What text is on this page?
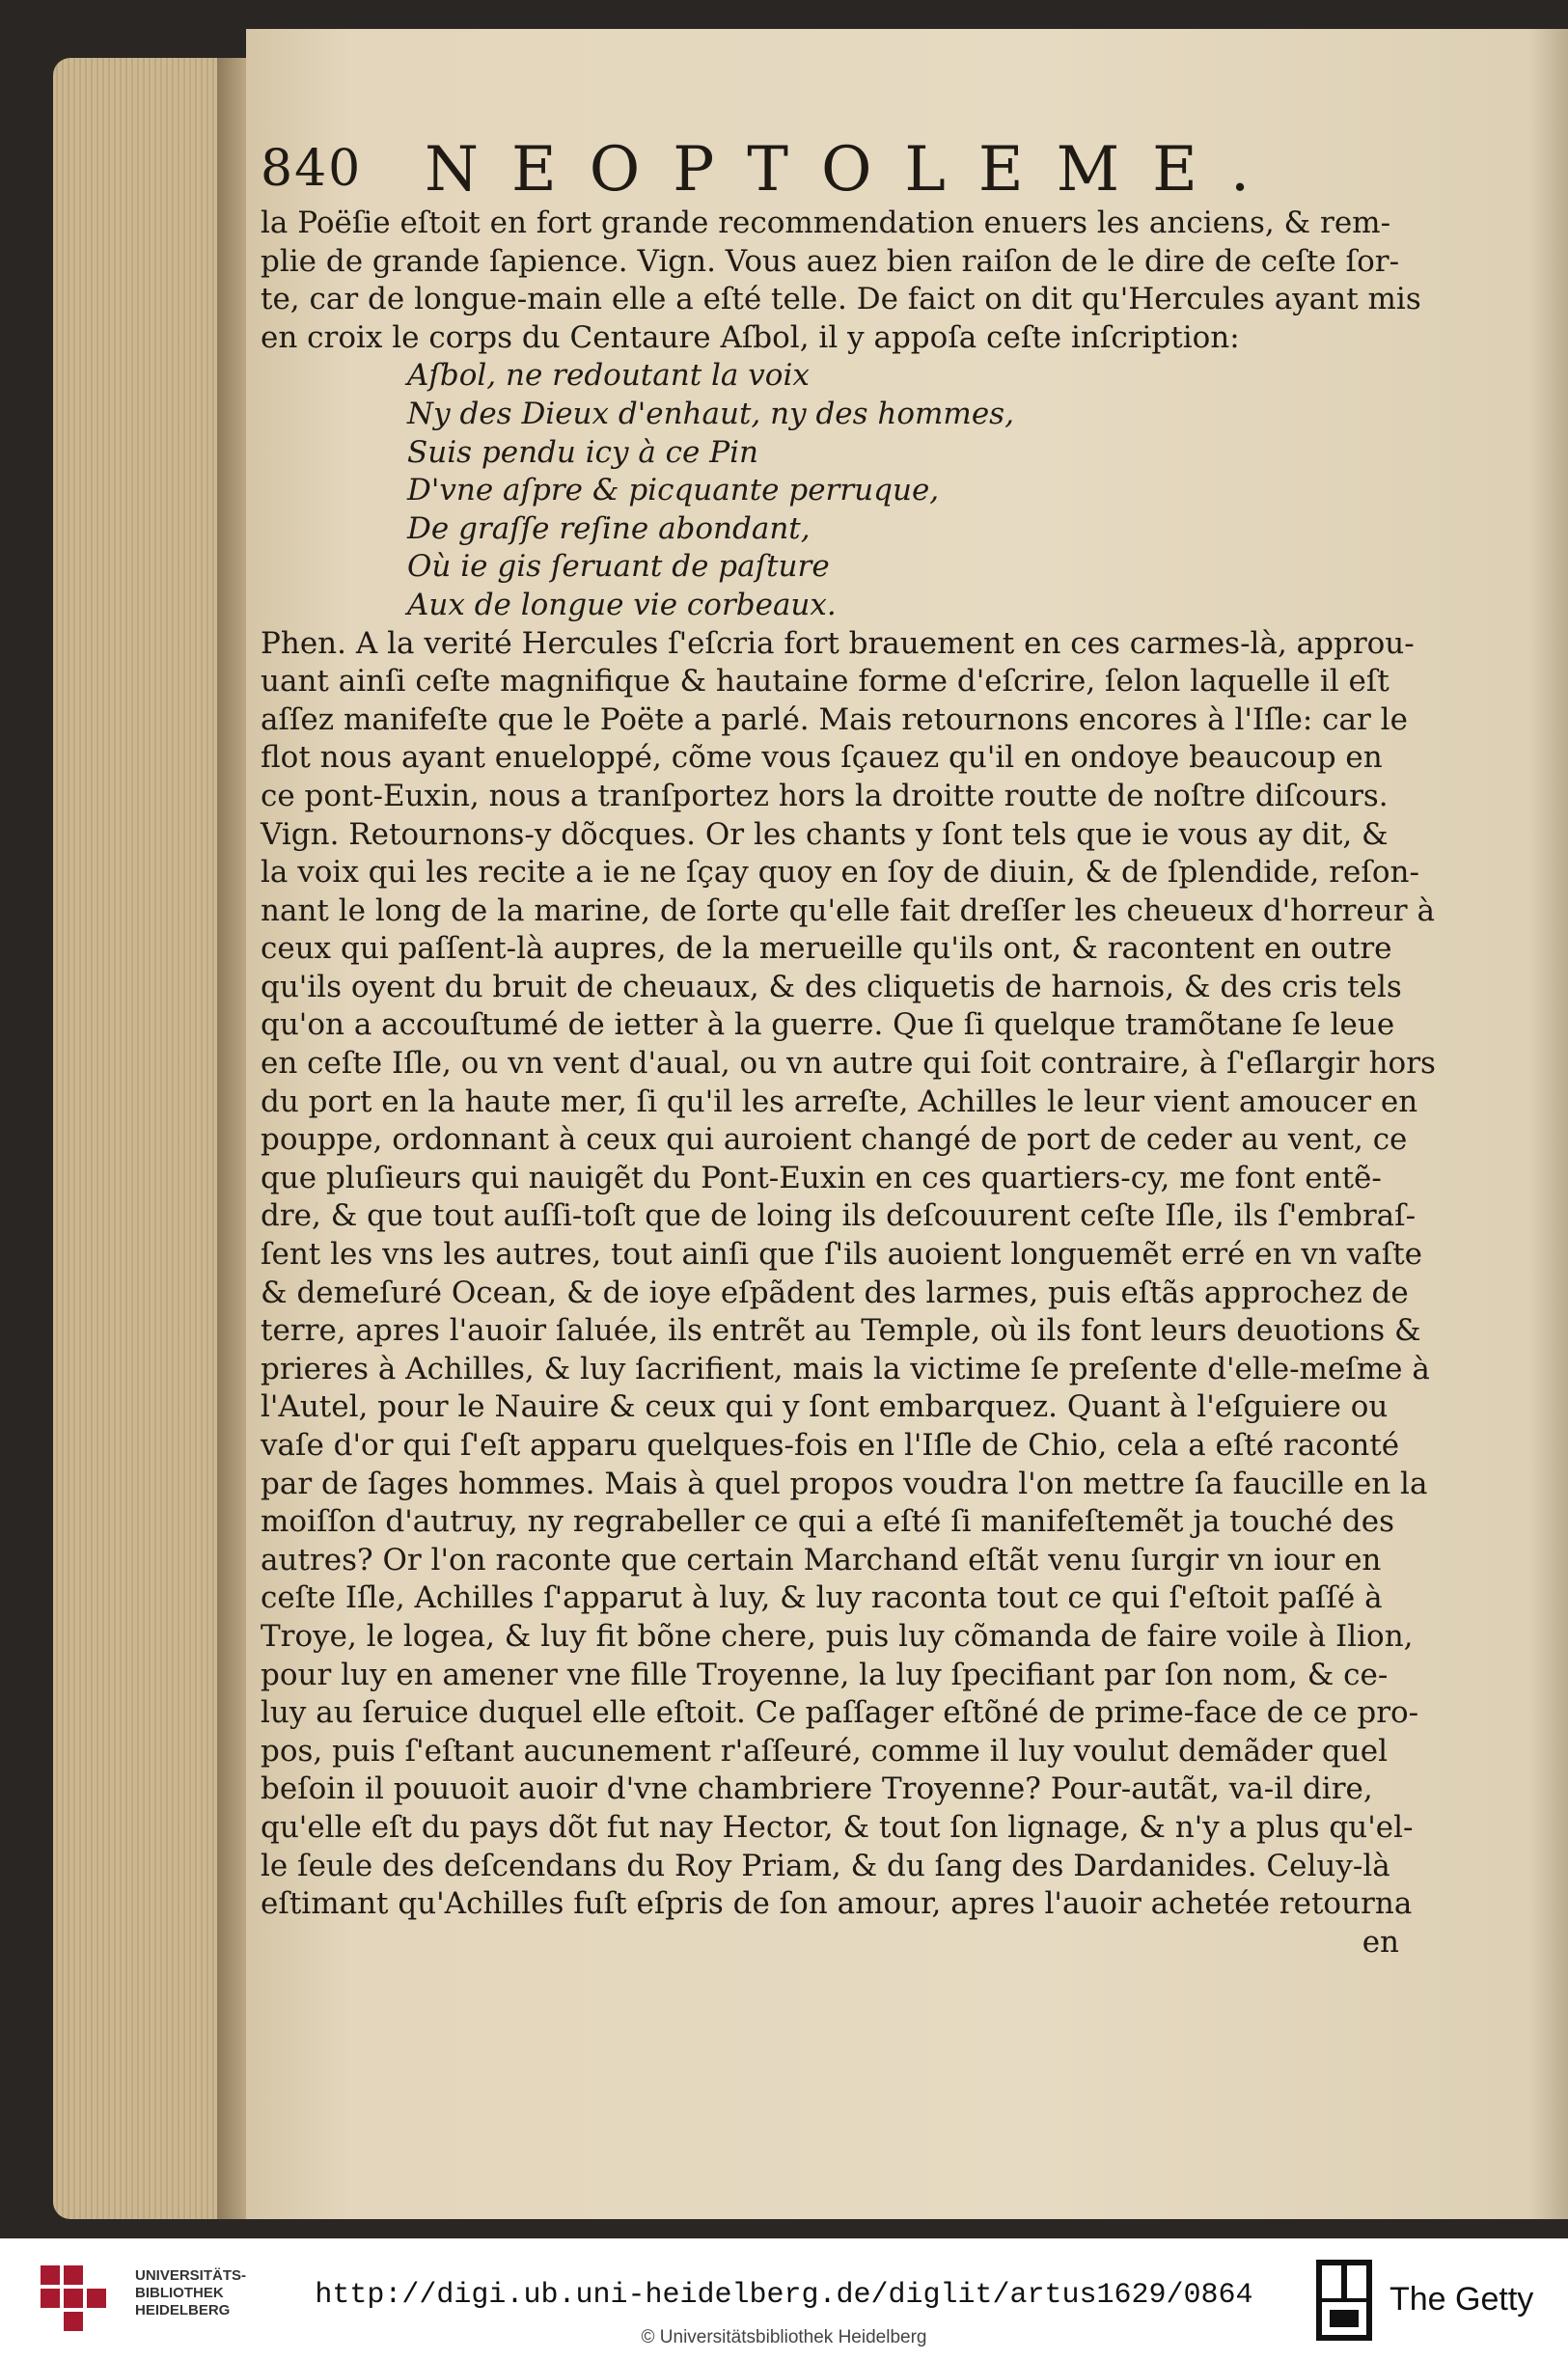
840 NEOPTOLEME.
la Poëſie eſtoit en fort grande recommendation enuers les anciens, & rem-
plie de grande ſapience. Vign. Vous auez bien raiſon de le dire de ceſte ſor-
te, car de longue-main elle a eſté telle. De faict on dit qu'Hercules ayant mis
en croix le corps du Centaure Aſbol, il y appoſa ceſte inſcription:
Aſbol, ne redoutant la voix
Ny des Dieux d'enhaut, ny des hommes,
Suis pendu icy à ce Pin
D'vne aſpre & picquante perruque,
De graſſe reſine abondant,
Où ie gis ſeruant de paſture
Aux de longue vie corbeaux.
Phen. A la verité Hercules ſ'eſcria fort brauement en ces carmes-là, approu-
uant ainſi ceſte magnifique & hautaine forme d'eſcrire, ſelon laquelle il eſt
aſſez manifeſte que le Poëte a parlé. Mais retournons encores à l'Iſle: car le
flot nous ayant enueloppé, cõme vous ſçauez qu'il en ondoye beaucoup en
ce pont-Euxin, nous a tranſportez hors la droitte routte de noſtre diſcours.
Vign. Retournons-y dõcques. Or les chants y ſont tels que ie vous ay dit, &
la voix qui les recite a ie ne ſçay quoy en ſoy de diuin, & de ſplendide, reſon-
nant le long de la marine, de ſorte qu'elle fait dreſſer les cheueux d'horreur à
ceux qui paſſent-là aupres, de la merueille qu'ils ont, & racontent en outre
qu'ils oyent du bruit de cheuaux, & des cliquetis de harnois, & des cris tels
qu'on a accouſtumé de ietter à la guerre. Que ſi quelque tramõtane ſe leue
en ceſte Iſle, ou vn vent d'aual, ou vn autre qui ſoit contraire, à ſ'eſlargir hors
du port en la haute mer, ſi qu'il les arreſte, Achilles le leur vient amoucer en
pouppe, ordonnant à ceux qui auroient changé de port de ceder au vent, ce
que pluſieurs qui nauigẽt du Pont-Euxin en ces quartiers-cy, me font entẽ-
dre, & que tout auſſi-toſt que de loing ils deſcouurent ceſte Iſle, ils ſ'embraſ-
ſent les vns les autres, tout ainſi que ſ'ils auoient longuemẽt erré en vn vaſte
& demeſuré Ocean, & de ioye eſpãdent des larmes, puis eſtãs approchez de
terre, apres l'auoir ſaluée, ils entrẽt au Temple, où ils font leurs deuotions &
prieres à Achilles, & luy ſacrifient, mais la victime ſe preſente d'elle-meſme à
l'Autel, pour le Nauire & ceux qui y ſont embarquez. Quant à l'eſguiere ou
vaſe d'or qui ſ'eſt apparu quelques-fois en l'Iſle de Chio, cela a eſté raconté
par de ſages hommes. Mais à quel propos voudra l'on mettre ſa faucille en la
moiſſon d'autruy, ny regrabeller ce qui a eſté ſi manifeſtemẽt ja touché des
autres? Or l'on raconte que certain Marchand eſtãt venu ſurgir vn iour en
ceſte Iſle, Achilles ſ'apparut à luy, & luy raconta tout ce qui ſ'eſtoit paſſé à
Troye, le logea, & luy fit bõne chere, puis luy cõmanda de faire voile à Ilion,
pour luy en amener vne fille Troyenne, la luy ſpecifiant par ſon nom, & ce-
luy au ſeruice duquel elle eſtoit. Ce paſſager eſtõné de prime-face de ce pro-
pos, puis ſ'eſtant aucunement r'aſſeuré, comme il luy voulut demãder quel
beſoin il pouuoit auoir d'vne chambriere Troyenne? Pour-autãt, va-il dire,
qu'elle eſt du pays dõt fut nay Hector, & tout ſon lignage, & n'y a plus qu'el-
le ſeule des deſcendans du Roy Priam, & du ſang des Dardanides. Celuy-là
eſtimant qu'Achilles fuſt eſpris de ſon amour, apres l'auoir achetée retourna
en
UNIVERSITÄTS-
BIBLIOTHEK
HEIDELBERG	http://digi.ub.uni-heidelberg.de/diglit/artus1629/0864
© Universitätsbibliothek Heidelberg
The Getty
